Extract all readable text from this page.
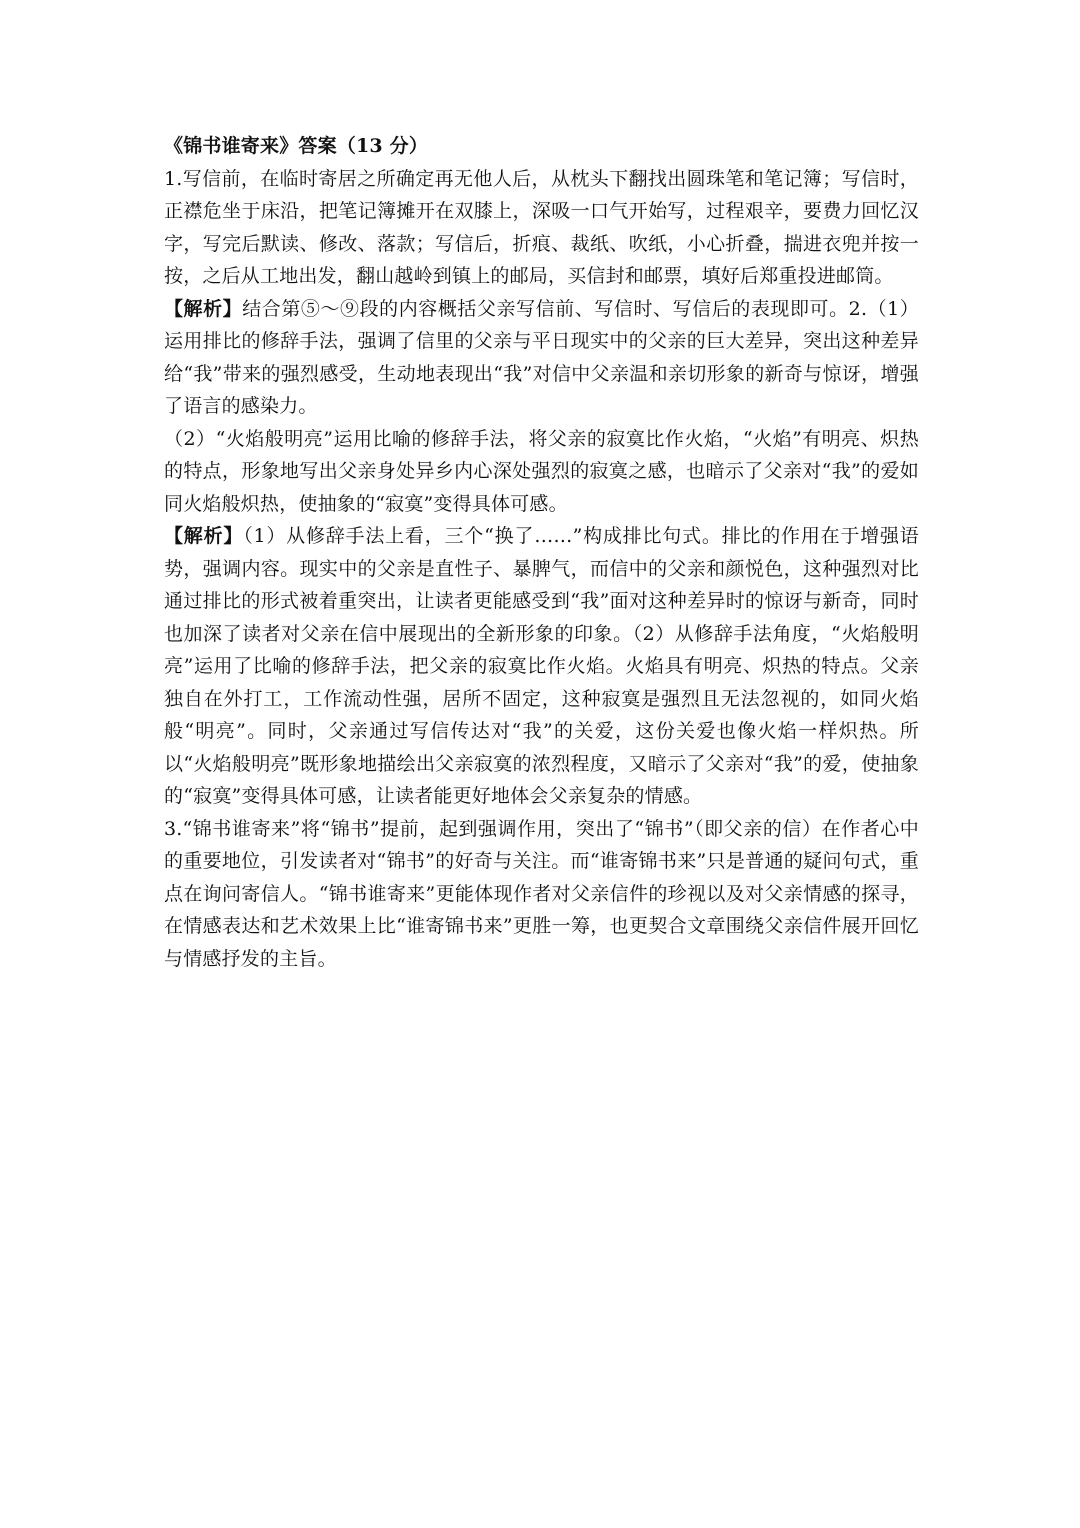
《锦书谁寄来》答案（13 分）

1.写信前，在临时寄居之所确定再无他人后，从枕头下翻找出圆珠笔和笔记簿；写信时，正襟危坐于床沿，把笔记簿摊开在双膝上，深吸一口气开始写，过程艰辛，要费力回忆汉字，写完后默读、修改、落款；写信后，折痕、裁纸、吹纸，小心折叠，揣进衣兜并按一按，之后从工地出发，翻山越岭到镇上的邮局，买信封和邮票，填好后郑重投进邮筒。

【解析】结合第⑤～⑨段的内容概括父亲写信前、写信时、写信后的表现即可。2.（1）运用排比的修辞手法，强调了信里的父亲与平日现实中的父亲的巨大差异，突出这种差异给“我”带来的强烈感受，生动地表现出“我”对信中父亲温和亲切形象的新奇与惊讶，增强了语言的感染力。

（2）“火焰般明亮”运用比喻的修辞手法，将父亲的寂寞比作火焰，“火焰”有明亮、炽热的特点，形象地写出父亲身处异乡内心深处强烈的寂寞之感，也暗示了父亲对“我”的爱如同火焰般炽热，使抽象的“寂寞”变得具体可感。

【解析】（1）从修辞手法上看，三个“换了……”构成排比句式。排比的作用在于增强语势，强调内容。现实中的父亲是直性子、暴脾气，而信中的父亲和颜悦色，这种强烈对比通过排比的形式被着重突出，让读者更能感受到“我”面对这种差异时的惊讶与新奇，同时也加深了读者对父亲在信中展现出的全新形象的印象。（2）从修辞手法角度，“火焰般明亮”运用了比喻的修辞手法，把父亲的寂寞比作火焰。火焰具有明亮、炽热的特点。父亲独自在外打工，工作流动性强，居所不固定，这种寂寞是强烈且无法忽视的，如同火焰般“明亮”。同时，父亲通过写信传达对“我”的关爱，这份关爱也像火焰一样炽热。所以“火焰般明亮”既形象地描绘出父亲寂寞的浓烈程度，又暗示了父亲对“我”的爱，使抽象的“寂寞”变得具体可感，让读者能更好地体会父亲复杂的情感。

3.“锦书谁寄来”将“锦书”提前，起到强调作用，突出了“锦书”（即父亲的信）在作者心中的重要地位，引发读者对“锦书”的好奇与关注。而“谁寄锦书来”只是普通的疑问句式，重点在询问寄信人。“锦书谁寄来”更能体现作者对父亲信件的珍视以及对父亲情感的探寻，在情感表达和艺术效果上比“谁寄锦书来”更胜一筹，也更契合文章围绕父亲信件展开回忆与情感抒发的主旨。
